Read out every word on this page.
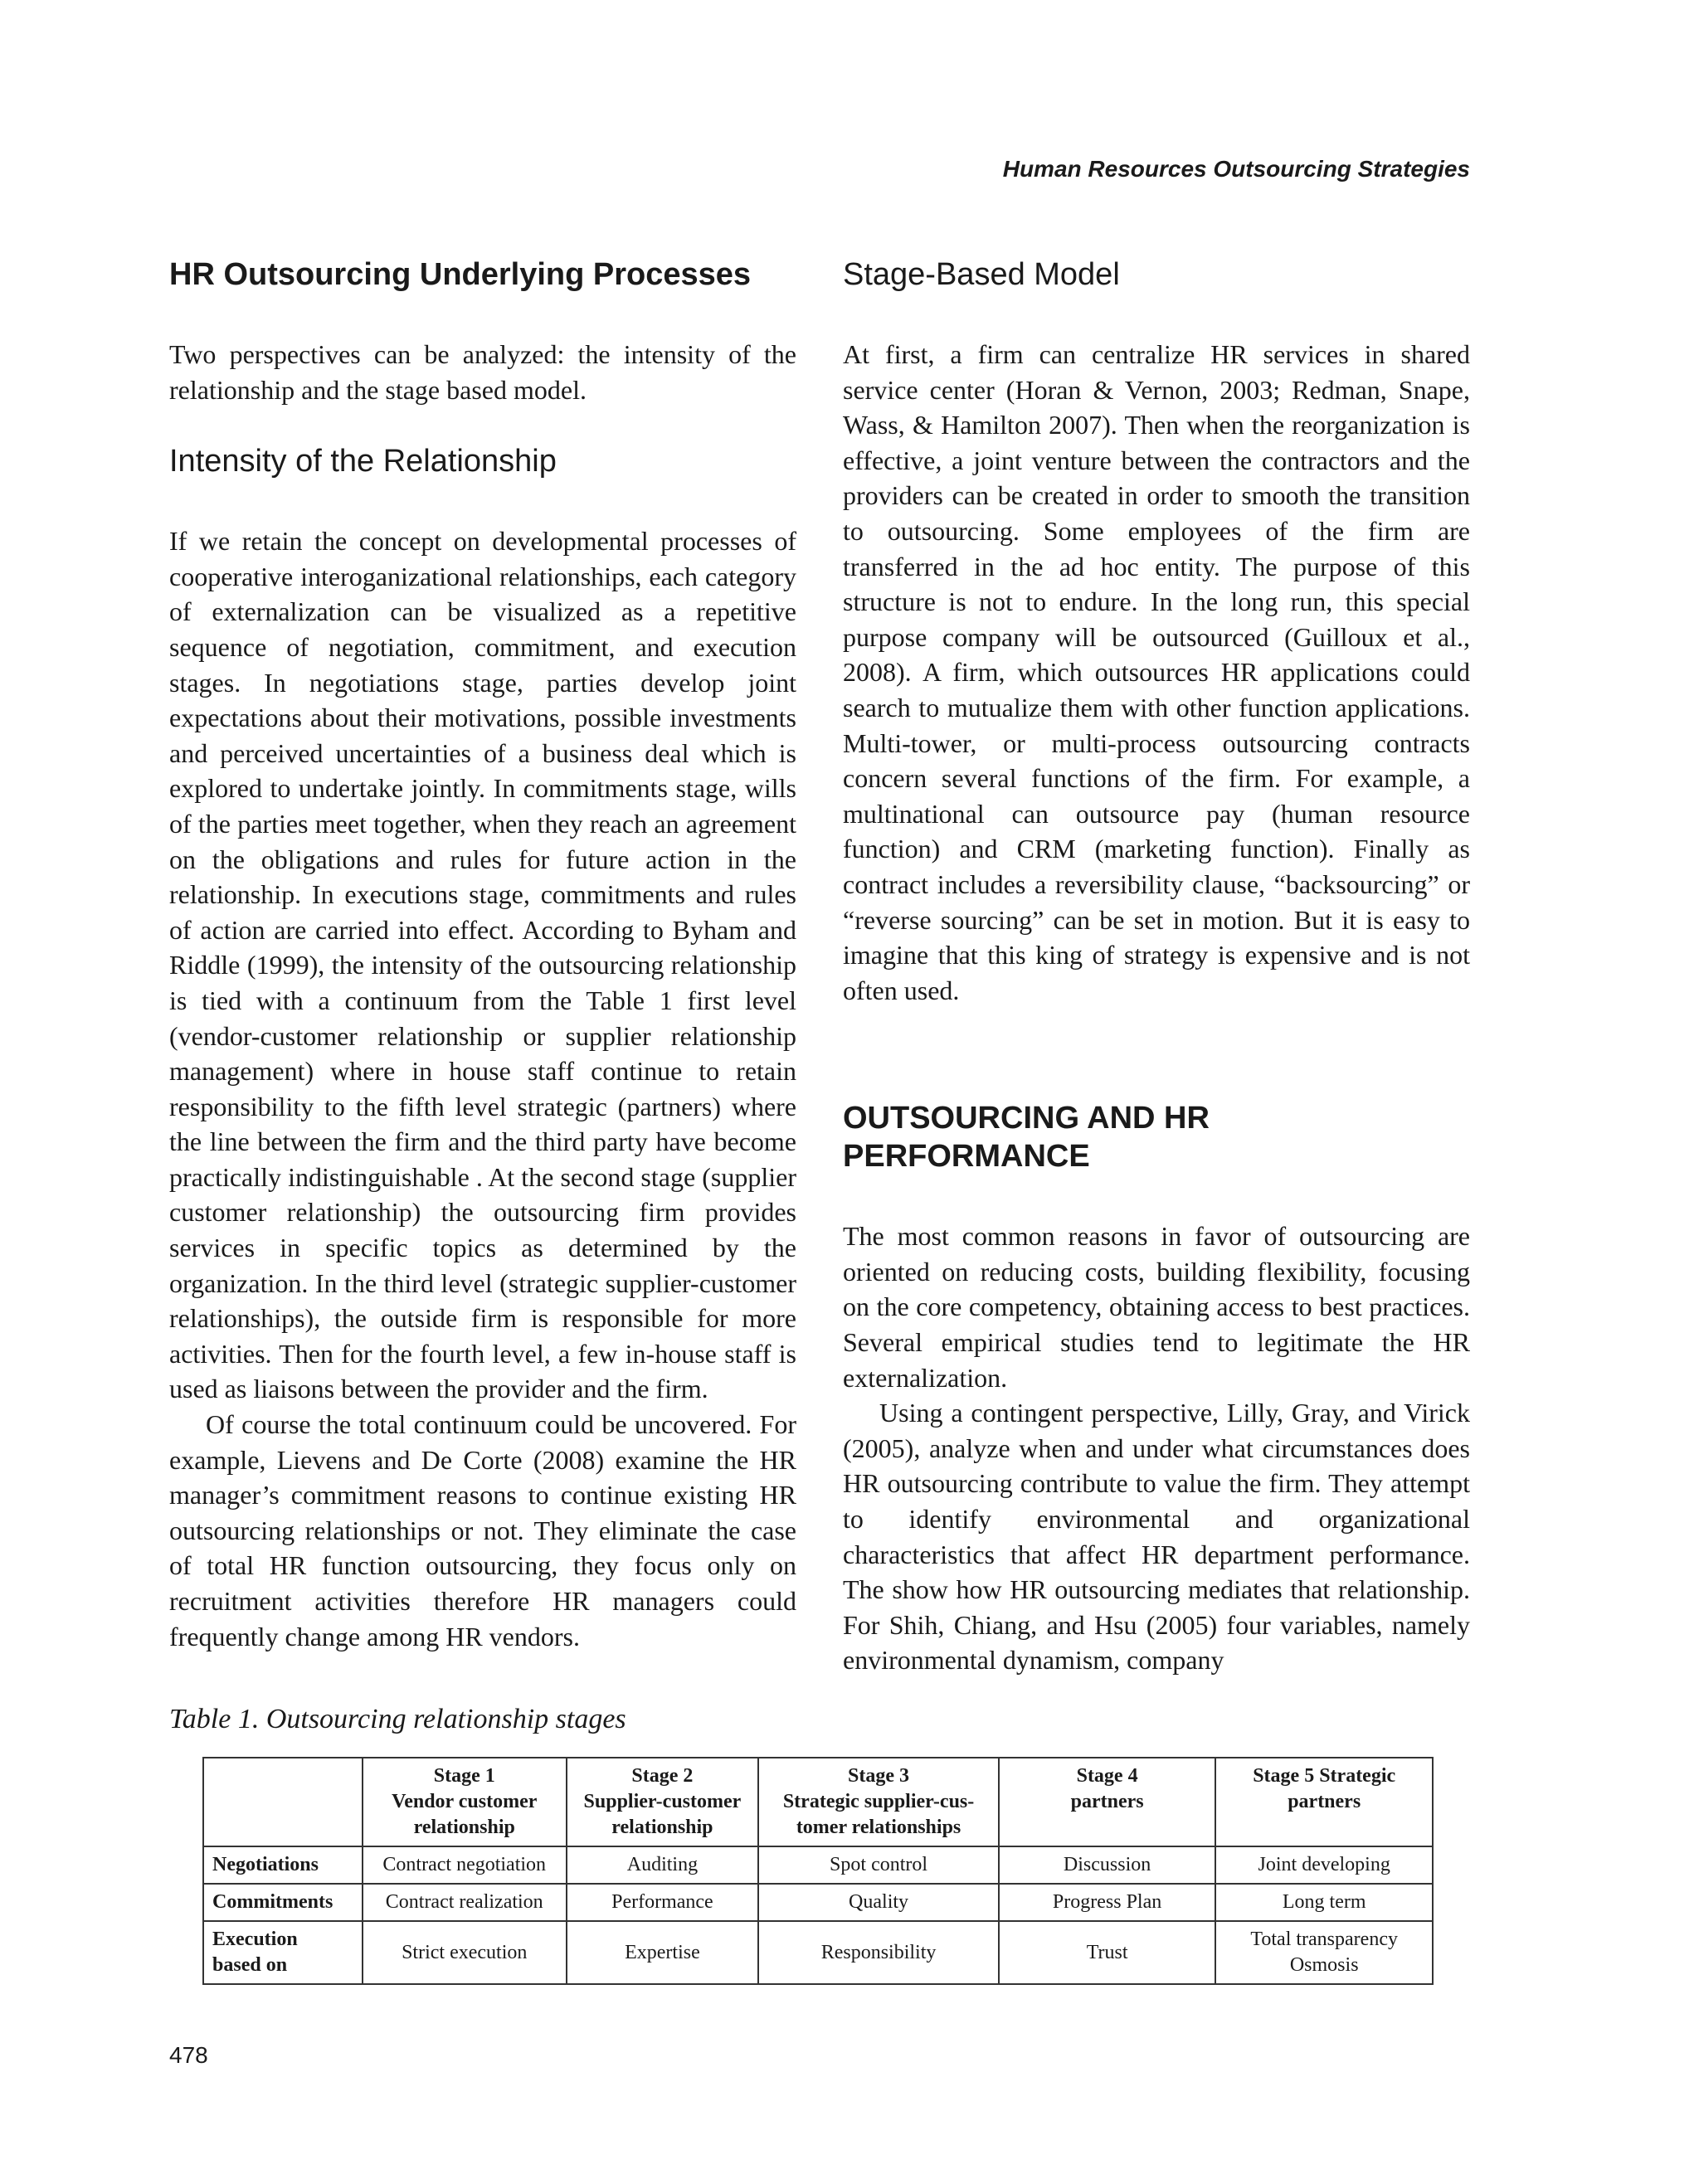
Human Resources Outsourcing Strategies

HR Outsourcing Underlying Processes

Two perspectives can be analyzed: the intensity of the relationship and the stage based model.

Intensity of the Relationship

If we retain the concept on developmental processes of cooperative interoganizational relationships, each category of externalization can be visualized as a repetitive sequence of negotiation, commitment, and execution stages. In negotiations stage, parties develop joint expectations about their motivations, possible investments and perceived uncertainties of a business deal which is explored to undertake jointly. In commitments stage, wills of the parties meet together, when they reach an agreement on the obligations and rules for future action in the relationship. In executions stage, commitments and rules of action are carried into effect. According to Byham and Riddle (1999), the intensity of the outsourcing relationship is tied with a continuum from the Table 1 first level (vendor-customer relationship or supplier relationship management) where in house staff continue to retain responsibility to the fifth level strategic (partners) where the line between the firm and the third party have become practically indistinguishable . At the second stage (supplier customer relationship) the outsourcing firm provides services in specific topics as determined by the organization. In the third level (strategic supplier-customer relationships), the outside firm is responsible for more activities. Then for the fourth level, a few in-house staff is used as liaisons between the provider and the firm.

Of course the total continuum could be uncovered. For example, Lievens and De Corte (2008) examine the HR manager’s commitment reasons to continue existing HR outsourcing relationships or not. They eliminate the case of total HR function outsourcing, they focus only on recruitment activities therefore HR managers could frequently change among HR vendors.

Stage-Based Model

At first, a firm can centralize HR services in shared service center (Horan & Vernon, 2003; Redman, Snape, Wass, & Hamilton 2007). Then when the reorganization is effective, a joint venture between the contractors and the providers can be created in order to smooth the transition to outsourcing. Some employees of the firm are transferred in the ad hoc entity. The purpose of this structure is not to endure. In the long run, this special purpose company will be outsourced (Guilloux et al., 2008). A firm, which outsources HR applications could search to mutualize them with other function applications. Multi-tower, or multi-process outsourcing contracts concern several functions of the firm. For example, a multinational can outsource pay (human resource function) and CRM (marketing function). Finally as contract includes a reversibility clause, “backsourcing” or “reverse sourcing” can be set in motion. But it is easy to imagine that this king of strategy is expensive and is not often used.

OUTSOURCING AND HR
PERFORMANCE

The most common reasons in favor of outsourcing are oriented on reducing costs, building flexibility, focusing on the core competency, obtaining access to best practices. Several empirical studies tend to legitimate the HR externalization.

Using a contingent perspective, Lilly, Gray, and Virick (2005), analyze when and under what circumstances does HR outsourcing contribute to value the firm. They attempt to identify environmental and organizational characteristics that affect HR department performance. The show how HR outsourcing mediates that relationship. For Shih, Chiang, and Hsu (2005) four variables, namely environmental dynamism, company

Table 1. Outsourcing relationship stages

	Stage 1
Vendor customer
relationship	Stage 2
Supplier-customer
relationship	Stage 3
Strategic supplier-cus-
tomer relationships	Stage 4
partners	Stage 5 Strategic
partners
Negotiations	Contract negotiation	Auditing	Spot control	Discussion	Joint developing
Commitments	Contract realization	Performance	Quality	Progress Plan	Long term
Execution
based on	Strict execution	Expertise	Responsibility	Trust	Total transparency
Osmosis

478
